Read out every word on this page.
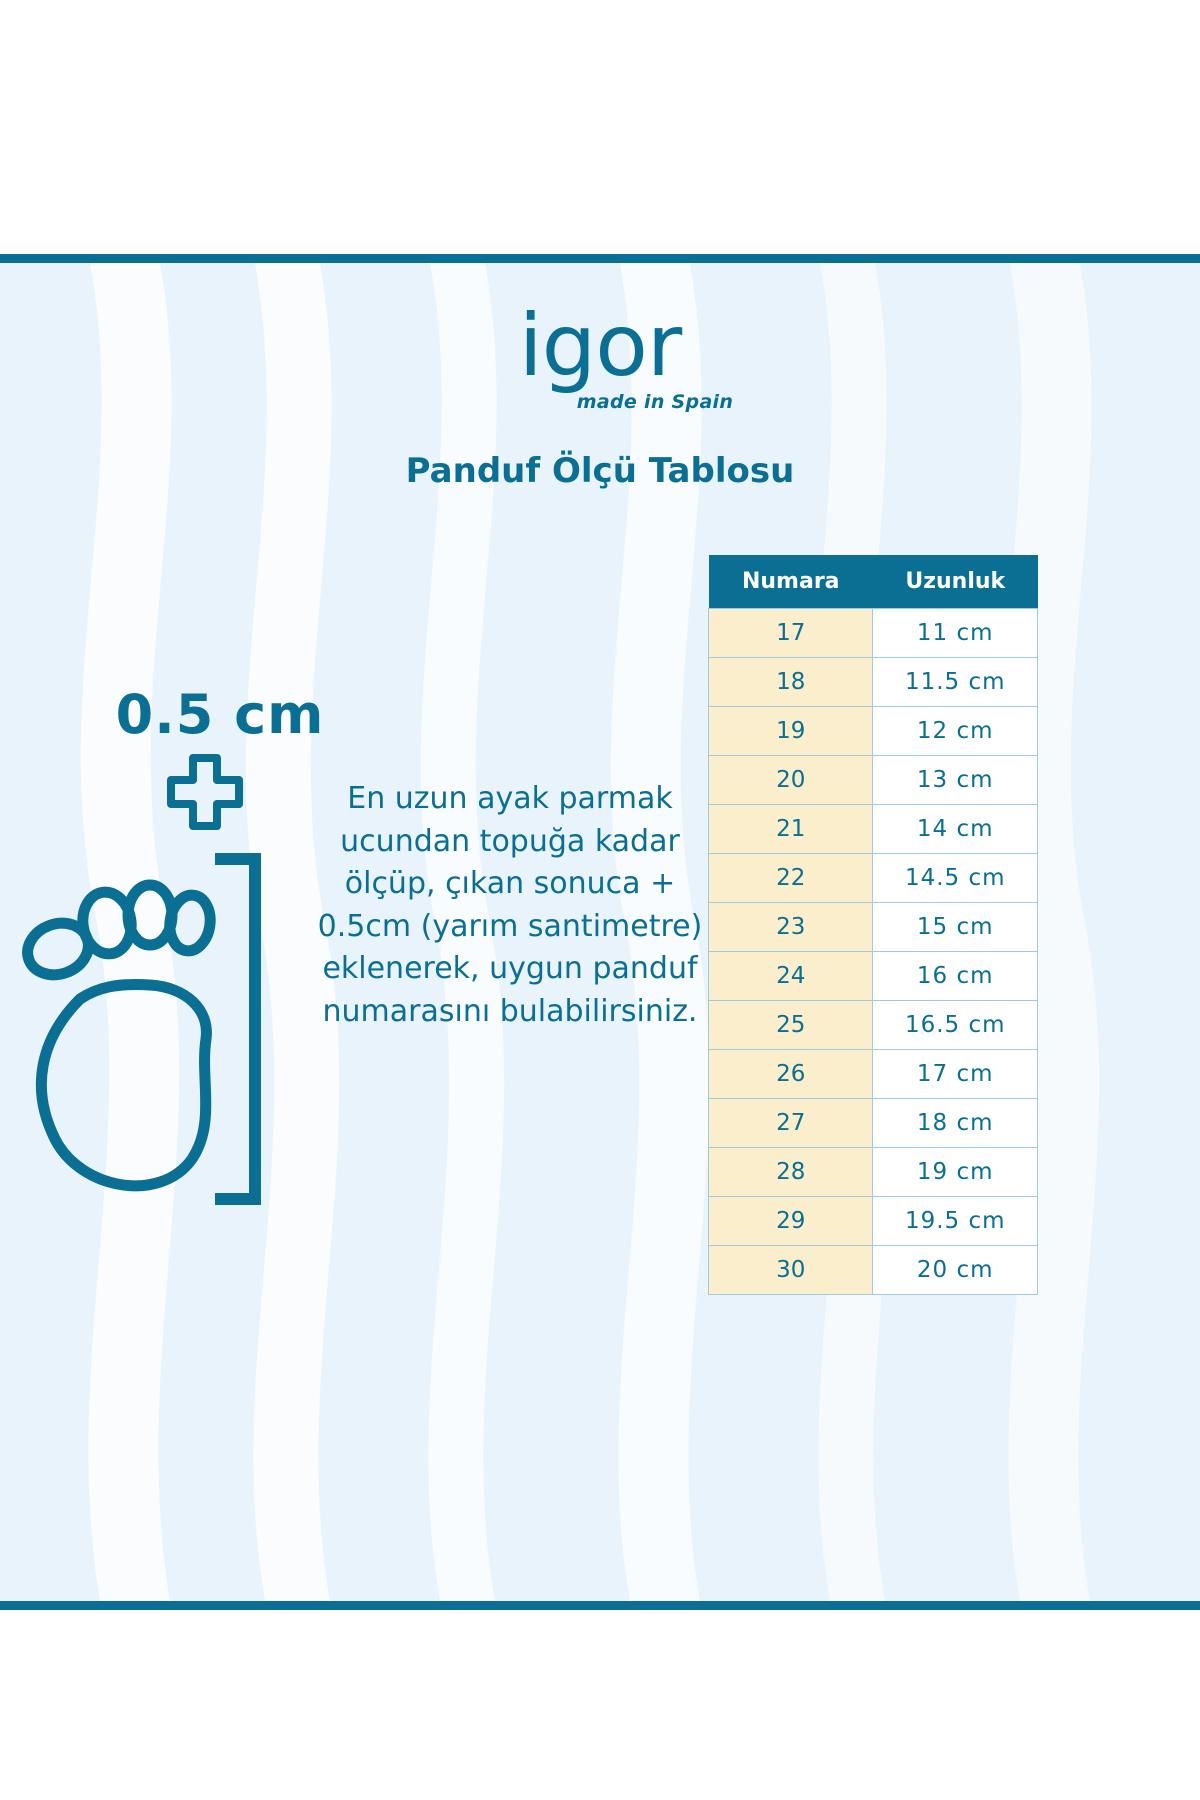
igor
made in Spain
Panduf Ölçü Tablosu
0.5 cm
En uzun ayak parmak ucundan topuğa kadar ölçüp, çıkan sonuca + 0.5cm (yarım santimetre) eklenerek, uygun panduf numarasını bulabilirsiniz.
Numara	Uzunluk
17	11 cm
18	11.5 cm
19	12 cm
20	13 cm
21	14 cm
22	14.5 cm
23	15 cm
24	16 cm
25	16.5 cm
26	17 cm
27	18 cm
28	19 cm
29	19.5 cm
30	20 cm
